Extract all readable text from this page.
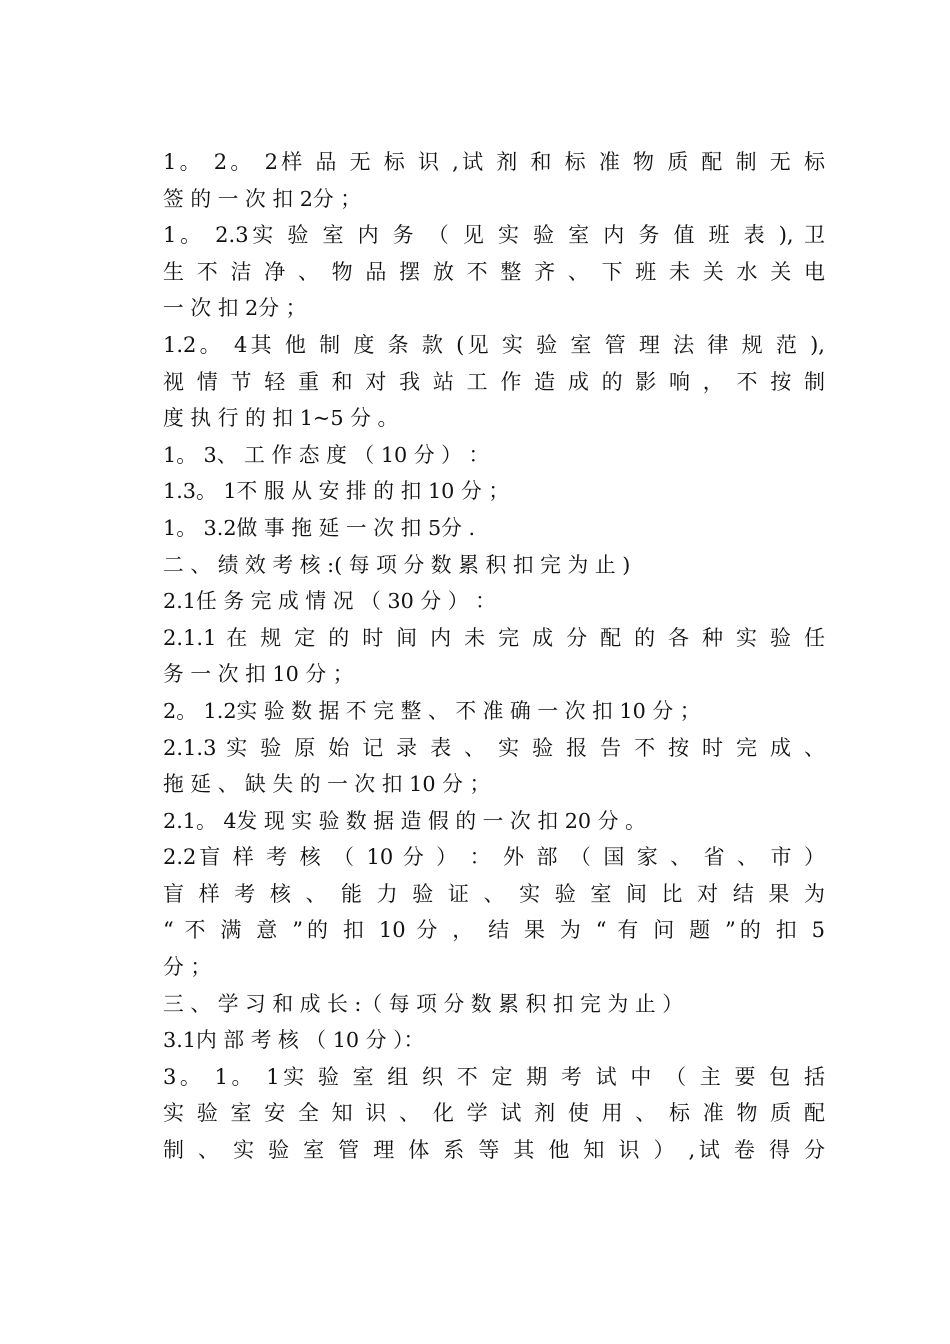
1。 2。 2样 品 无 标 识 ,试 剂 和 标 准 物 质 配 制 无 标
签 的 一 次 扣 2分 ；
1。 2.3实 验 室 内 务 （ 见 实 验 室 内 务 值 班 表 ), 卫
生 不 洁 净 、 物 品 摆 放 不 整 齐 、 下 班 未 关 水 关 电
一 次 扣 2分 ；
1.2。 4其 他 制 度 条 款 (见 实 验 室 管 理 法 律 规 范 ),
视 情 节 轻 重 和 对 我 站 工 作 造 成 的 影 响 ， 不 按 制
度 执 行 的 扣 1~5 分 。
1。 3、 工 作 态 度 （ 10 分 ） ：
1.3。 1不 服 从 安 排 的 扣 10 分 ；
1。 3.2做 事 拖 延 一 次 扣 5分 .
二 、 绩 效 考 核 :( 每 项 分 数 累 积 扣 完 为 止 )
2.1任 务 完 成 情 况 （ 30 分 ） ：
2.1.1 在 规 定 的 时 间 内 未 完 成 分 配 的 各 种 实 验 任
务 一 次 扣 10 分 ；
2。 1.2实 验 数 据 不 完 整 、 不 准 确 一 次 扣 10 分 ；
2.1.3 实 验 原 始 记 录 表 、 实 验 报 告 不 按 时 完 成 、
拖 延 、 缺 失 的 一 次 扣 10 分 ；
2.1。 4发 现 实 验 数 据 造 假 的 一 次 扣 20 分 。
2.2盲 样 考 核 （ 10 分 ） ： 外 部 （ 国 家 、 省 、 市 ）
盲 样 考 核 、 能 力 验 证 、 实 验 室 间 比 对 结 果 为
“ 不 满 意 ”的 扣 10 分 ， 结 果 为 “ 有 问 题 ”的 扣 5
分 ；
三 、 学 习 和 成 长 :（ 每 项 分 数 累 积 扣 完 为 止 ）
3.1内 部 考 核 （ 10 分 ）：
3。 1。 1实 验 室 组 织 不 定 期 考 试 中 （ 主 要 包 括
实 验 室 安 全 知 识 、 化 学 试 剂 使 用 、 标 准 物 质 配
制 、 实 验 室 管 理 体 系 等 其 他 知 识 ） ,试 卷 得 分
